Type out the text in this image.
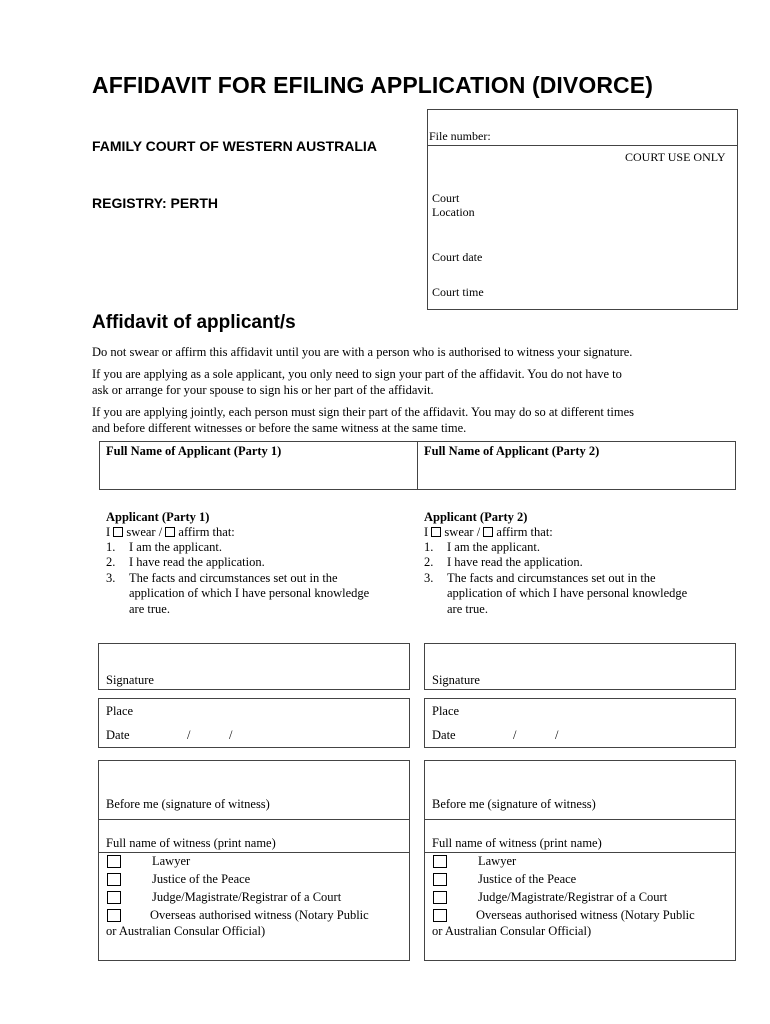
AFFIDAVIT FOR EFILING APPLICATION (DIVORCE)
FAMILY COURT OF WESTERN AUSTRALIA
REGISTRY: PERTH
File number:
COURT USE ONLY
Court
Location
Court date
Court time
Affidavit of applicant/s
Do not swear or affirm this affidavit until you are with a person who is authorised to witness your signature.
If you are applying as a sole applicant, you only need to sign your part of the affidavit. You do not have to
ask or arrange for your spouse to sign his or her part of the affidavit.
If you are applying jointly, each person must sign their part of the affidavit. You may do so at different times
and before different witnesses or before the same witness at the same time.
Full Name of Applicant (Party 1)	Full Name of Applicant (Party 2)
Applicant (Party 1)
I swear / affirm that:
1. I am the applicant.
2. I have read the application.
3. The facts and circumstances set out in the
application of which I have personal knowledge
are true.
Signature
Place
Date	/	/
Before me (signature of witness)
Full name of witness (print name)
Lawyer
Justice of the Peace
Judge/Magistrate/Registrar of a Court
Overseas authorised witness (Notary Public
or Australian Consular Official)
Applicant (Party 2)
I swear / affirm that:
1. I am the applicant.
2. I have read the application.
3. The facts and circumstances set out in the
application of which I have personal knowledge
are true.
Signature
Place
Date	/	/
Before me (signature of witness)
Full name of witness (print name)
Lawyer
Justice of the Peace
Judge/Magistrate/Registrar of a Court
Overseas authorised witness (Notary Public
or Australian Consular Official)
